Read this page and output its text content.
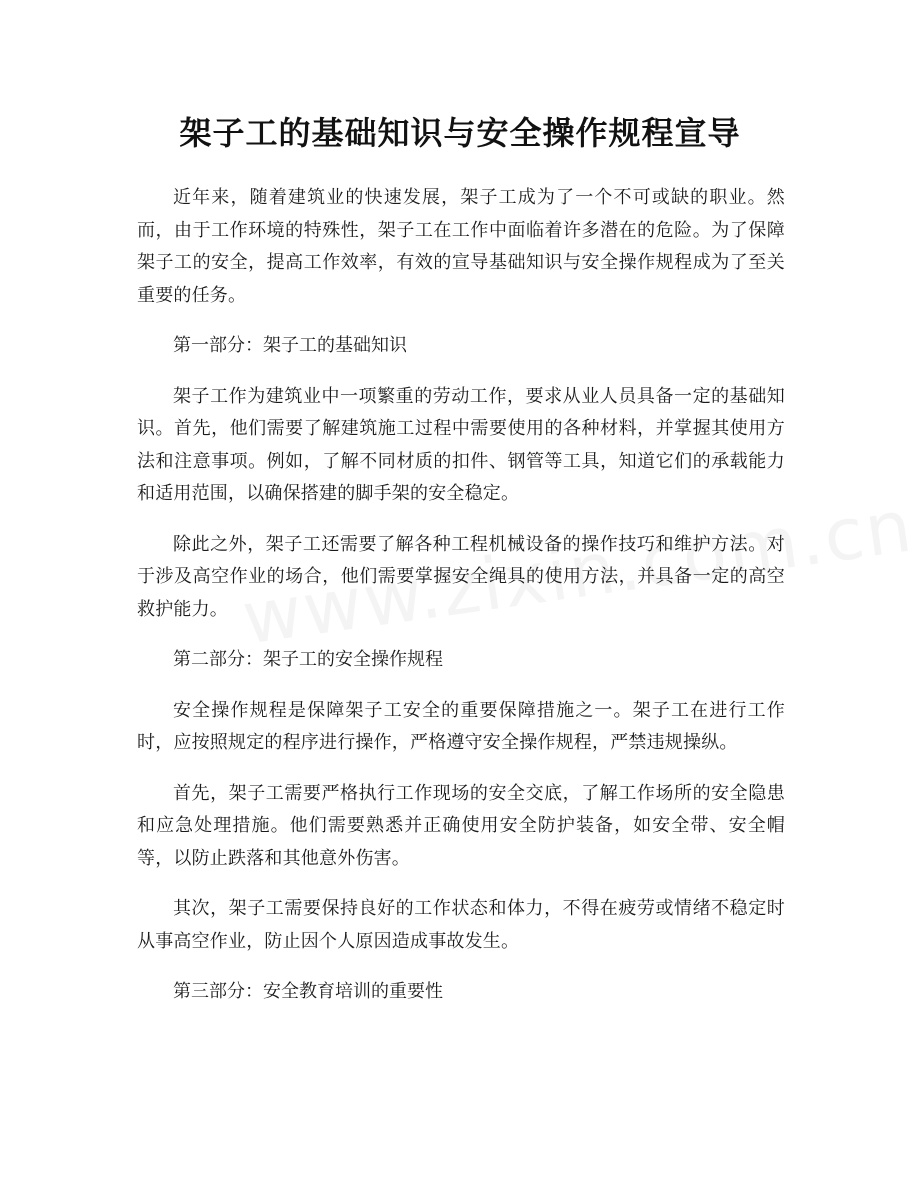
架子工的基础知识与安全操作规程宣导

近年来，随着建筑业的快速发展，架子工成为了一个不可或缺的职业。然而，由于工作环境的特殊性，架子工在工作中面临着许多潜在的危险。为了保障架子工的安全，提高工作效率，有效的宣导基础知识与安全操作规程成为了至关重要的任务。

第一部分：架子工的基础知识

架子工作为建筑业中一项繁重的劳动工作，要求从业人员具备一定的基础知识。首先，他们需要了解建筑施工过程中需要使用的各种材料，并掌握其使用方法和注意事项。例如，了解不同材质的扣件、钢管等工具，知道它们的承载能力和适用范围，以确保搭建的脚手架的安全稳定。

除此之外，架子工还需要了解各种工程机械设备的操作技巧和维护方法。对于涉及高空作业的场合，他们需要掌握安全绳具的使用方法，并具备一定的高空救护能力。

第二部分：架子工的安全操作规程

安全操作规程是保障架子工安全的重要保障措施之一。架子工在进行工作时，应按照规定的程序进行操作，严格遵守安全操作规程，严禁违规操纵。

首先，架子工需要严格执行工作现场的安全交底，了解工作场所的安全隐患和应急处理措施。他们需要熟悉并正确使用安全防护装备，如安全带、安全帽等，以防止跌落和其他意外伤害。

其次，架子工需要保持良好的工作状态和体力，不得在疲劳或情绪不稳定时从事高空作业，防止因个人原因造成事故发生。

第三部分：安全教育培训的重要性
